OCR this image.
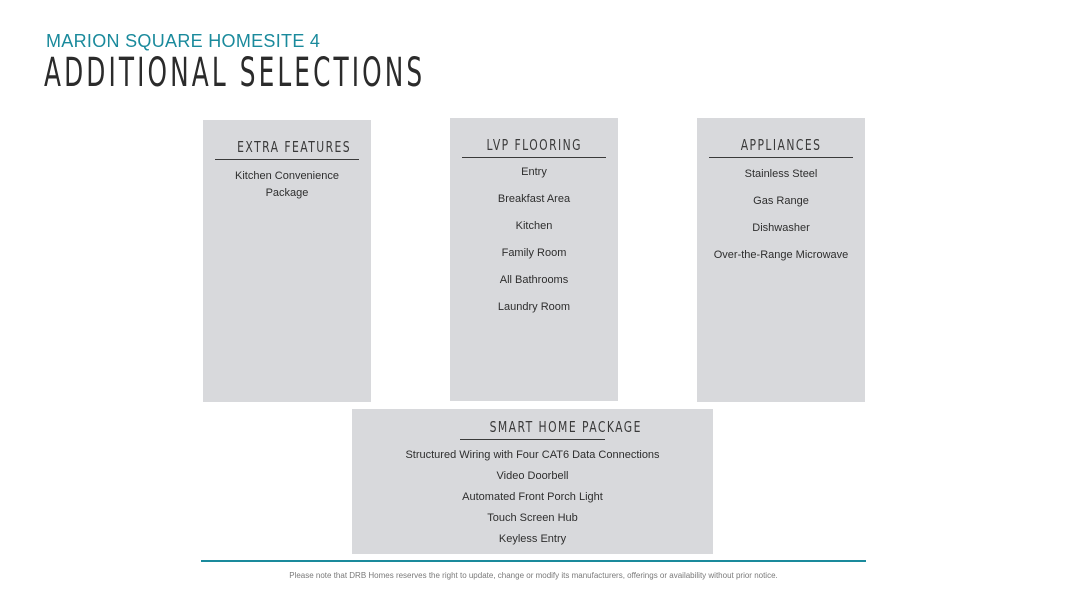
MARION SQUARE HOMESITE 4
ADDITIONAL SELECTIONS
EXTRA FEATURES
Kitchen Convenience Package
LVP FLOORING
Entry
Breakfast Area
Kitchen
Family Room
All Bathrooms
Laundry Room
APPLIANCES
Stainless Steel
Gas Range
Dishwasher
Over-the-Range Microwave
SMART HOME PACKAGE
Structured Wiring with Four CAT6 Data Connections
Video Doorbell
Automated Front Porch Light
Touch Screen Hub
Keyless Entry
Please note that DRB Homes reserves the right to update, change or modify its manufacturers, offerings or availability without prior notice.
